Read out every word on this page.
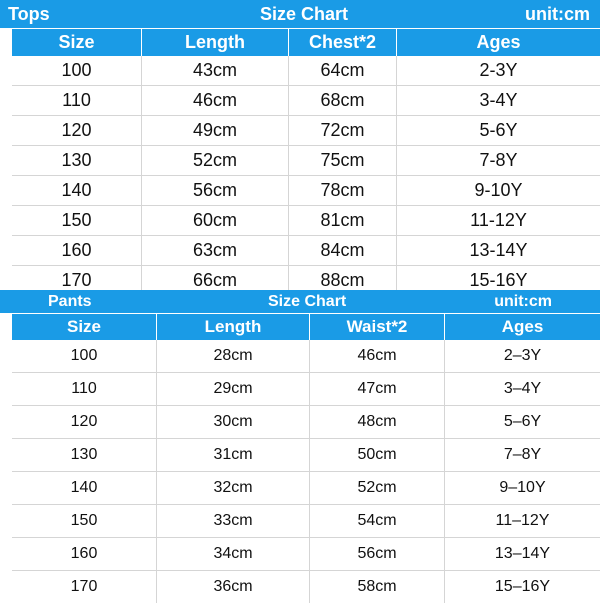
Tops	Size Chart	unit:cm
Size	Length	Chest*2	Ages
100	43cm	64cm	2-3Y
110	46cm	68cm	3-4Y
120	49cm	72cm	5-6Y
130	52cm	75cm	7-8Y
140	56cm	78cm	9-10Y
150	60cm	81cm	11-12Y
160	63cm	84cm	13-14Y
170	66cm	88cm	15-16Y
Pants	Size Chart	unit:cm
Size	Length	Waist*2	Ages
100	28cm	46cm	2–3Y
110	29cm	47cm	3–4Y
120	30cm	48cm	5–6Y
130	31cm	50cm	7–8Y
140	32cm	52cm	9–10Y
150	33cm	54cm	11–12Y
160	34cm	56cm	13–14Y
170	36cm	58cm	15–16Y
